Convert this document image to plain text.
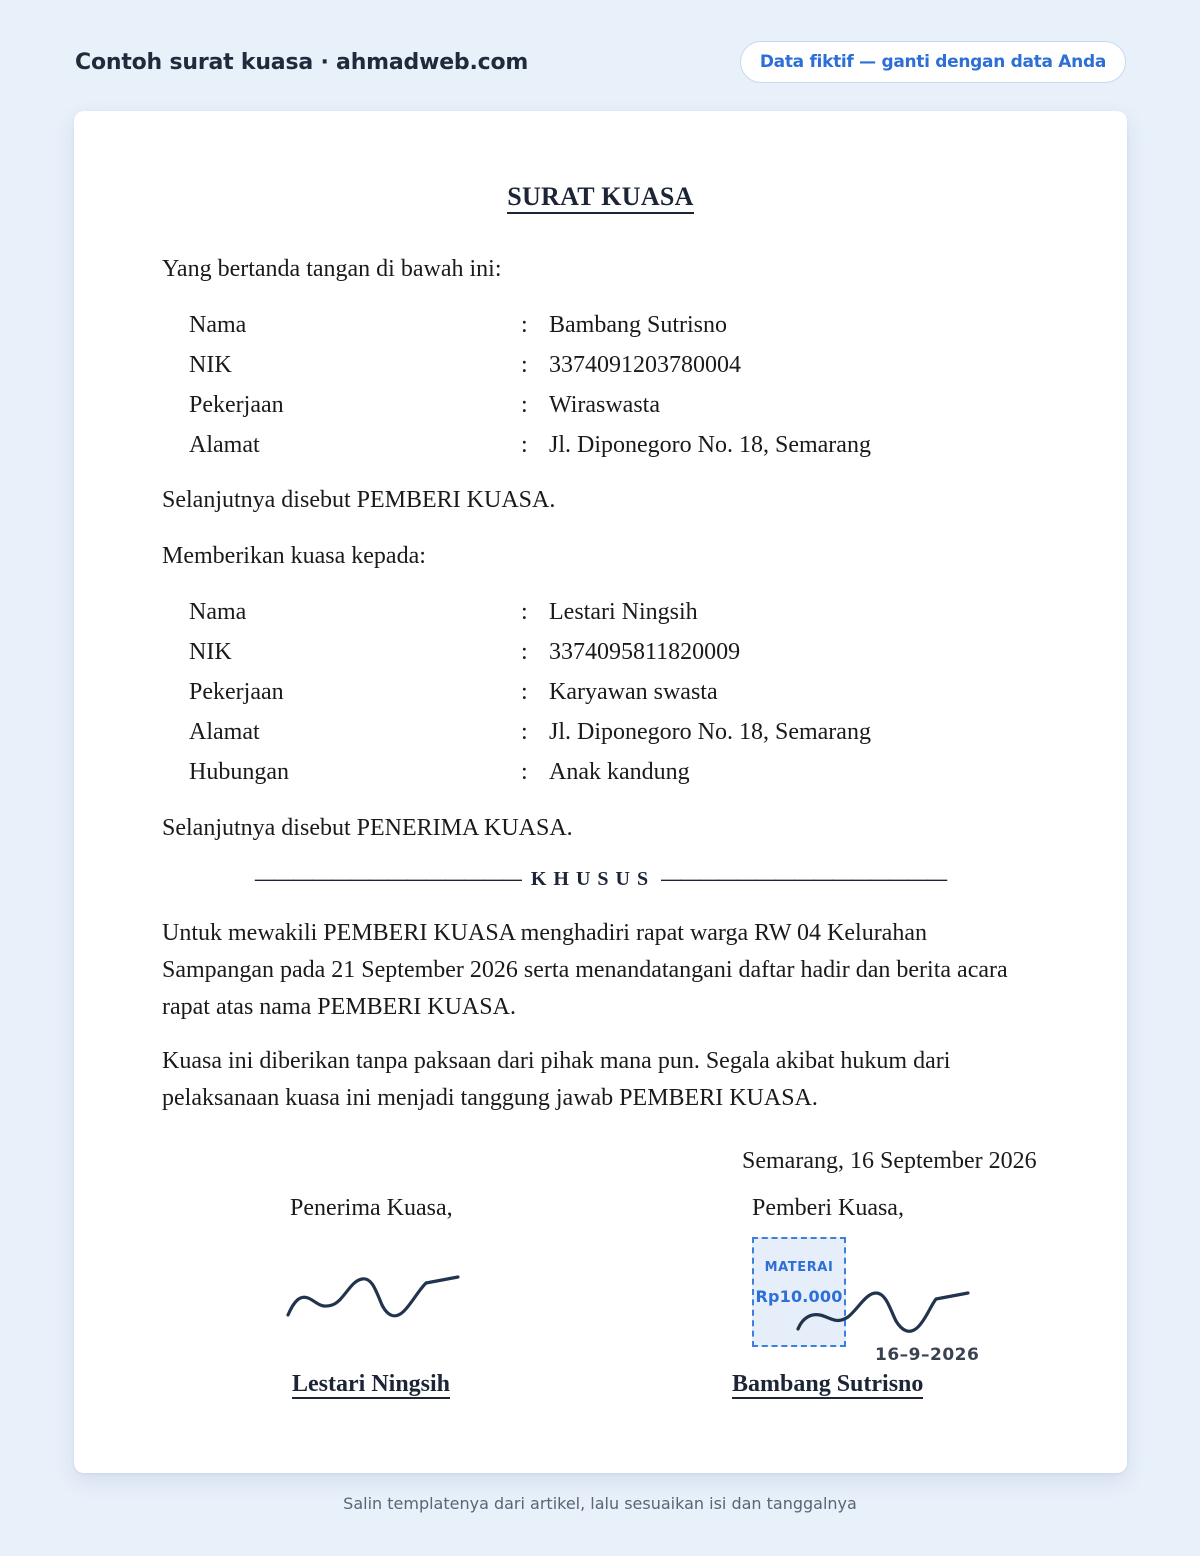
Contoh surat kuasa · ahmadweb.com	Data fiktif — ganti dengan data Anda
SURAT KUASA
Yang bertanda tangan di bawah ini:
Nama	: Bambang Sutrisno
NIK	: 3374091203780004
Pekerjaan	: Wiraswasta
Alamat	: Jl. Diponegoro No. 18, Semarang
Selanjutnya disebut PEMBERI KUASA.
Memberikan kuasa kepada:
Nama	: Lestari Ningsih
NIK	: 3374095811820009
Pekerjaan	: Karyawan swasta
Alamat	: Jl. Diponegoro No. 18, Semarang
Hubungan	: Anak kandung
Selanjutnya disebut PENERIMA KUASA.
—————————————— KHUSUS ———————————————
Untuk mewakili PEMBERI KUASA menghadiri rapat warga RW 04 Kelurahan Sampangan pada 21 September 2026 serta menandatangani daftar hadir dan berita acara rapat atas nama PEMBERI KUASA.
Kuasa ini diberikan tanpa paksaan dari pihak mana pun. Segala akibat hukum dari pelaksanaan kuasa ini menjadi tanggung jawab PEMBERI KUASA.
Semarang, 16 September 2026
Penerima Kuasa,	Pemberi Kuasa,
MATERAI
Rp10.000
16–9–2026
Lestari Ningsih	Bambang Sutrisno
Salin templatenya dari artikel, lalu sesuaikan isi dan tanggalnya
